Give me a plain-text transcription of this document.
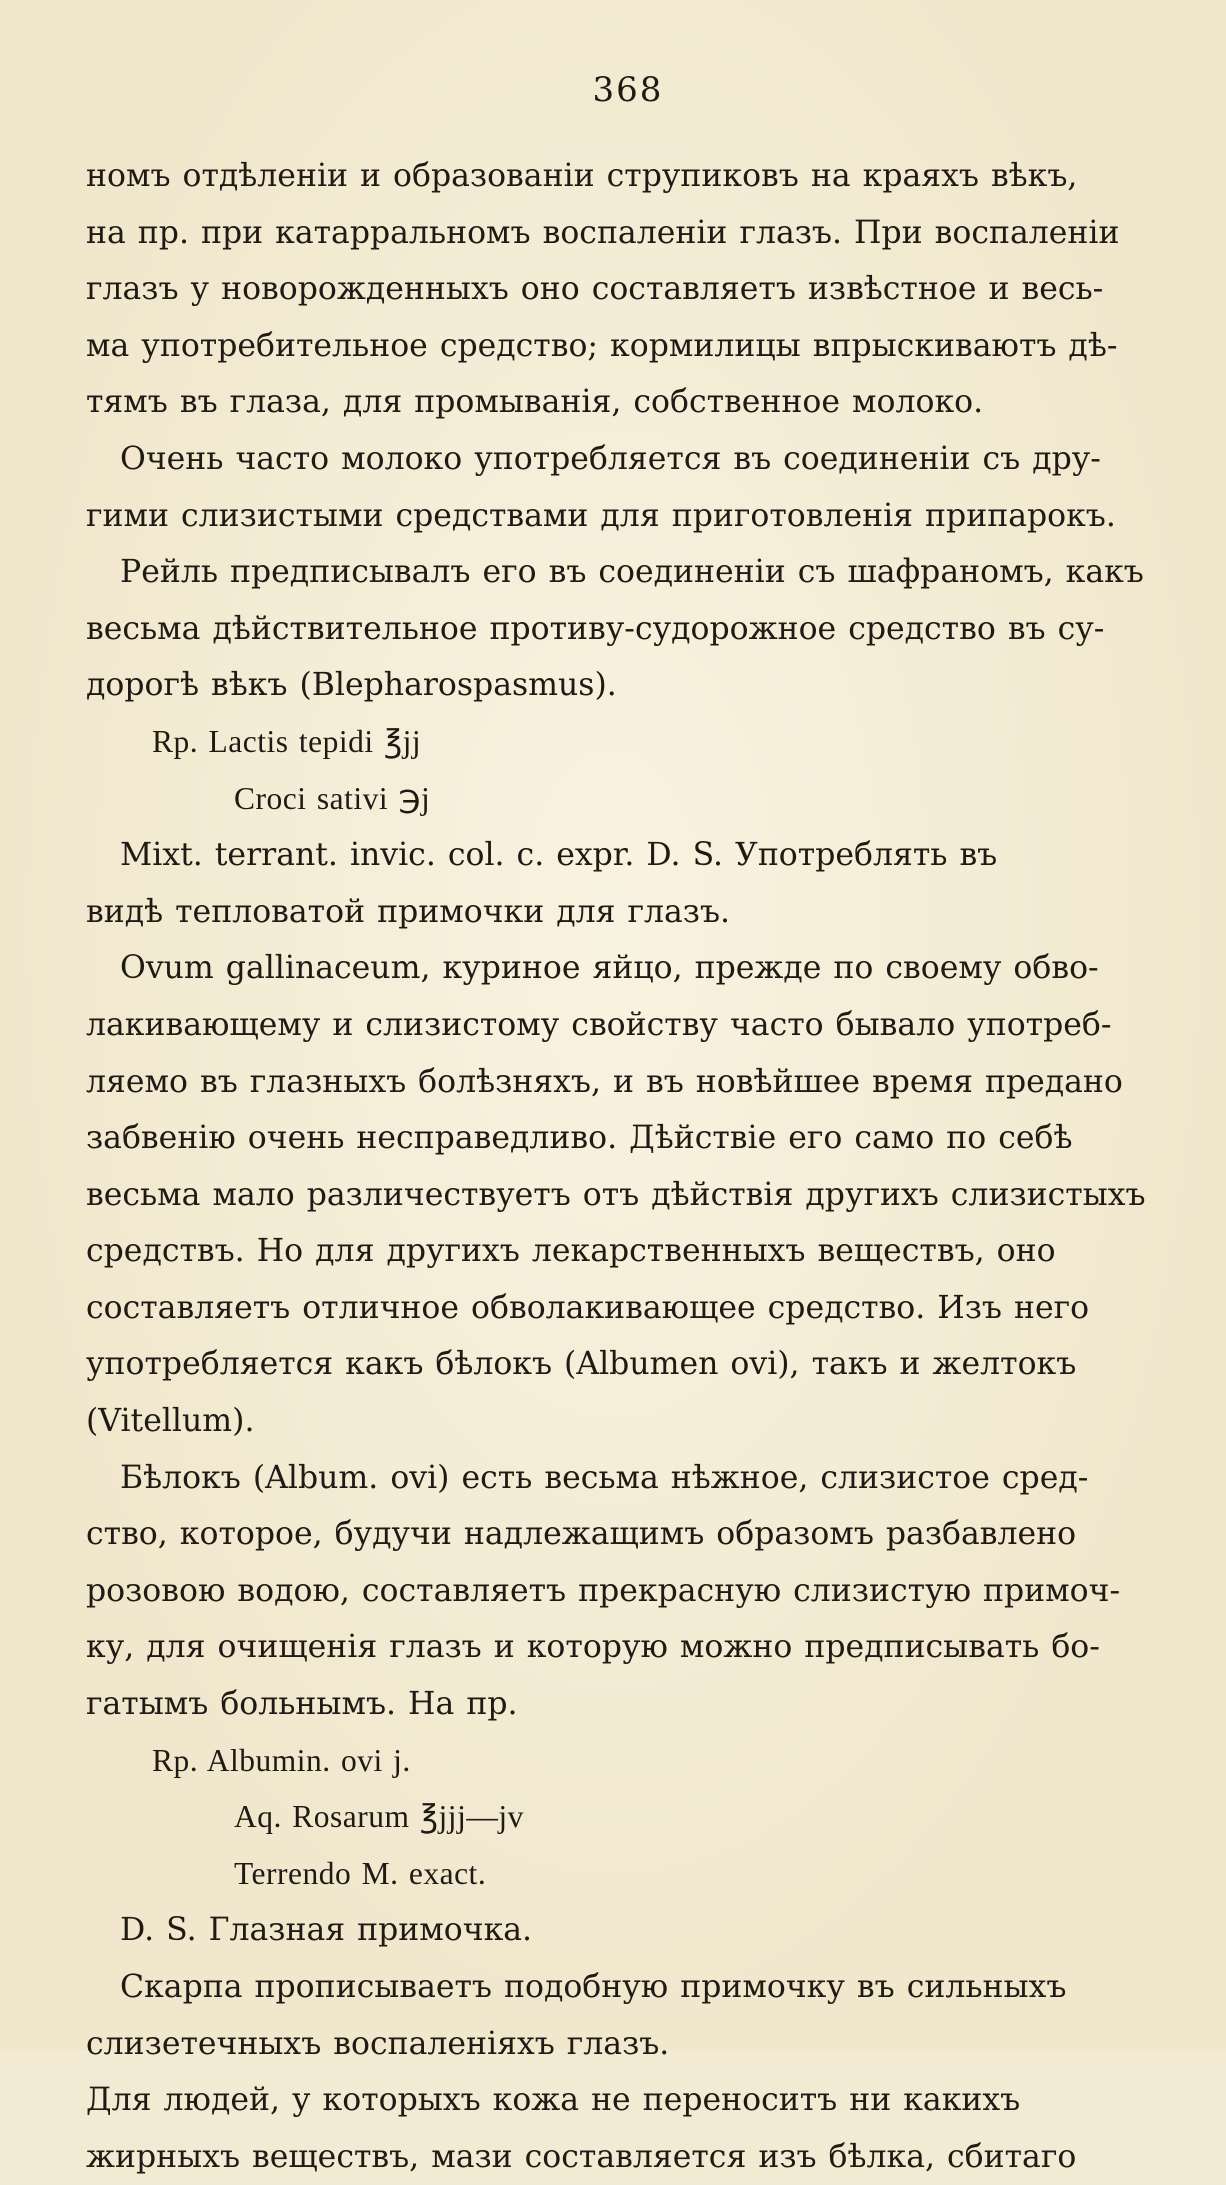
368
номъ отдѣленіи и образованіи струпиковъ на краяхъ вѣкъ,
на пр. при катарральномъ воспаленіи глазъ. При воспаленіи
глазъ у новорожденныхъ оно составляетъ извѣстное и весь-
ма употребительное средство; кормилицы впрыскиваютъ дѣ-
тямъ въ глаза, для промыванія, собственное молоко.
Очень часто молоко употребляется въ соединеніи съ дру-
гими слизистыми средствами для приготовленія припарокъ.
Рейль предписывалъ его въ соединеніи съ шафраномъ, какъ
весьма дѣйствительное противу-судорожное средство въ су-
дорогѣ вѣкъ (Blepharospasmus).
Rp. Lactis tepidi ℥jj
Croci sativi ℈j
Mixt. terrant. invic. col. c. expr. D. S. Употреблять въ
видѣ тепловатой примочки для глазъ.
Ovum gallinaceum, куриное яйцо, прежде по своему обво-
лакивающему и слизистому свойству часто бывало употреб-
ляемо въ глазныхъ болѣзняхъ, и въ новѣйшее время предано
забвенію очень несправедливо. Дѣйствіе его само по себѣ
весьма мало различествуетъ отъ дѣйствія другихъ слизистыхъ
средствъ. Но для другихъ лекарственныхъ веществъ, оно
составляетъ отличное обволакивающее средство. Изъ него
употребляется какъ бѣлокъ (Albumen ovi), такъ и желтокъ
(Vitellum).
Бѣлокъ (Album. ovi) есть весьма нѣжное, слизистое сред-
ство, которое, будучи надлежащимъ образомъ разбавлено
розовою водою, составляетъ прекрасную слизистую примоч-
ку, для очищенія глазъ и которую можно предписывать бо-
гатымъ больнымъ. На пр.
Rp. Albumin. ovi j.
Aq. Rosarum ℥jjj—jv
Terrendo M. exact.
D. S. Глазная примочка.
Скарпа прописываетъ подобную примочку въ сильныхъ
слизетечныхъ воспаленіяхъ глазъ.
Для людей, у которыхъ кожа не переноситъ ни какихъ
жирныхъ веществъ, мази составляется изъ бѣлка, сбитаго
